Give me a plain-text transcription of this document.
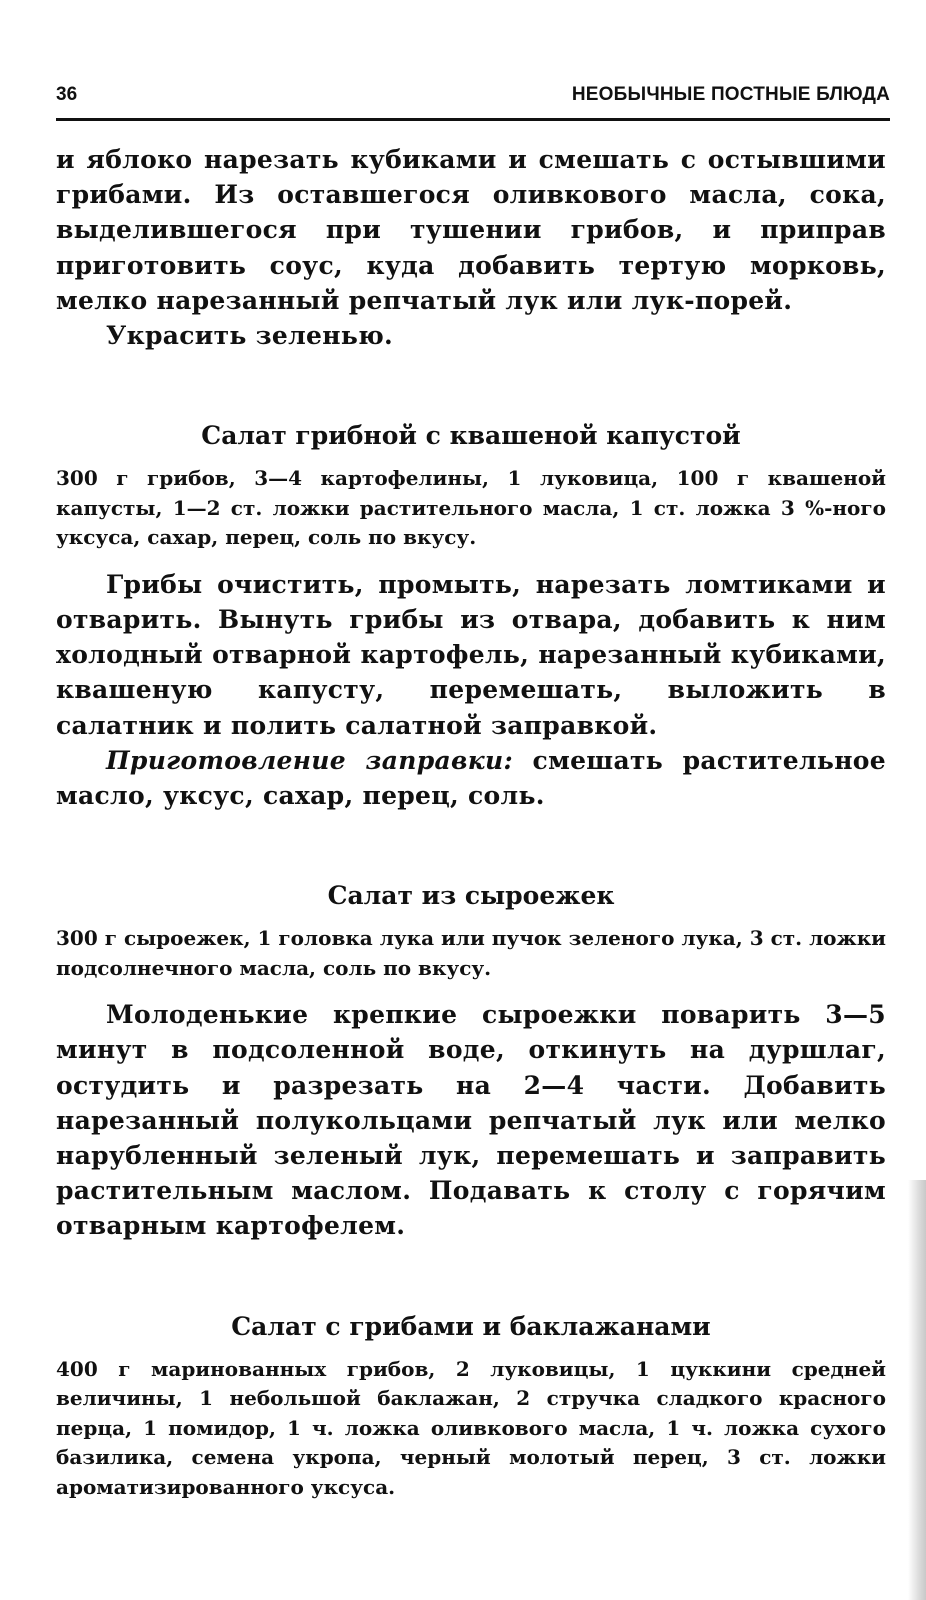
36	НЕОБЫЧНЫЕ ПОСТНЫЕ БЛЮДА

и яблоко нарезать кубиками и смешать с остывшими грибами. Из оставшегося оливкового масла, сока, выделившегося при тушении грибов, и приправ приготовить соус, куда добавить тертую морковь, мелко нарезанный репчатый лук или лук-порей.

Украсить зеленью.

Салат грибной с квашеной капустой

300 г грибов, 3—4 картофелины, 1 луковица, 100 г квашеной капусты, 1—2 ст. ложки растительного масла, 1 ст. ложка 3 %-ного уксуса, сахар, перец, соль по вкусу.

Грибы очистить, промыть, нарезать ломтиками и отварить. Вынуть грибы из отвара, добавить к ним холодный отварной картофель, нарезанный кубиками, квашеную капусту, перемешать, выложить в салатник и полить салатной заправкой.

Приготовление заправки: смешать растительное масло, уксус, сахар, перец, соль.

Салат из сыроежек

300 г сыроежек, 1 головка лука или пучок зеленого лука, 3 ст. ложки подсолнечного масла, соль по вкусу.

Молоденькие крепкие сыроежки поварить 3—5 минут в подсоленной воде, откинуть на дуршлаг, остудить и разрезать на 2—4 части. Добавить нарезанный полукольцами репчатый лук или мелко нарубленный зеленый лук, перемешать и заправить растительным маслом. Подавать к столу с горячим отварным картофелем.

Салат с грибами и баклажанами

400 г маринованных грибов, 2 луковицы, 1 цуккини средней величины, 1 небольшой баклажан, 2 стручка сладкого красного перца, 1 помидор, 1 ч. ложка оливкового масла, 1 ч. ложка сухого базилика, семена укропа, черный молотый перец, 3 ст. ложки ароматизированного уксуса.
